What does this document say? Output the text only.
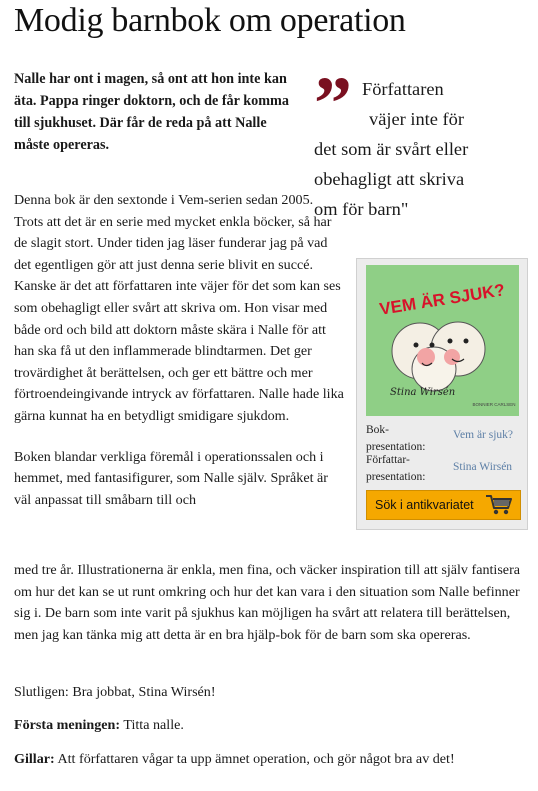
Modig barnbok om operation

Nalle har ont i magen, så ont att hon inte kan äta. Pappa ringer doktorn, och de får komma till sjukhuset. Där får de reda på att Nalle måste opereras.	” Författaren
väjer inte för
det som är svårt eller
obehagligt att skriva
om för barn"

Denna bok är den sextonde i Vem-serien sedan 2005. Trots att det är en serie med mycket enkla böcker, så har de slagit stort. Under tiden jag läser funderar jag på vad det egentligen gör att just denna serie blivit en succé. Kanske är det att författaren inte väjer för det som kan ses som obehagligt eller svårt att skriva om. Hon visar med både ord och bild att doktorn måste skära i Nalle för att han ska få ut den inflammerade blindtarmen. Det ger trovärdighet åt berättelsen, och ger ett bättre och mer förtroendeingivande intryck av författaren. Nalle hade lika gärna kunnat ha en betydligt smidigare sjukdom.

Boken blandar verkliga föremål i operationssalen och i hemmet, med fantasifigurer, som Nalle själv. Språket är väl anpassat till småbarn till och

med tre år. Illustrationerna är enkla, men fina, och väcker inspiration till att själv fantisera om hur det kan se ut runt omkring och hur det kan vara i den situation som Nalle befinner sig i. De barn som inte varit på sjukhus kan möjligen ha svårt att relatera till berättelsen, men jag kan tänka mig att detta är en bra hjälp-bok för de barn som ska opereras.

Slutligen: Bra jobbat, Stina Wirsén!

Första meningen: Titta nalle.

Gillar: Att författaren vågar ta upp ämnet operation, och gör något bra av det!

VEM ÄR SJUK?
Stina Wirsén
BONNIER CARLSEN
Bok-
presentation:
Vem är sjuk?
Författar-
presentation:
Stina Wirsén
Sök i antikvariatet
